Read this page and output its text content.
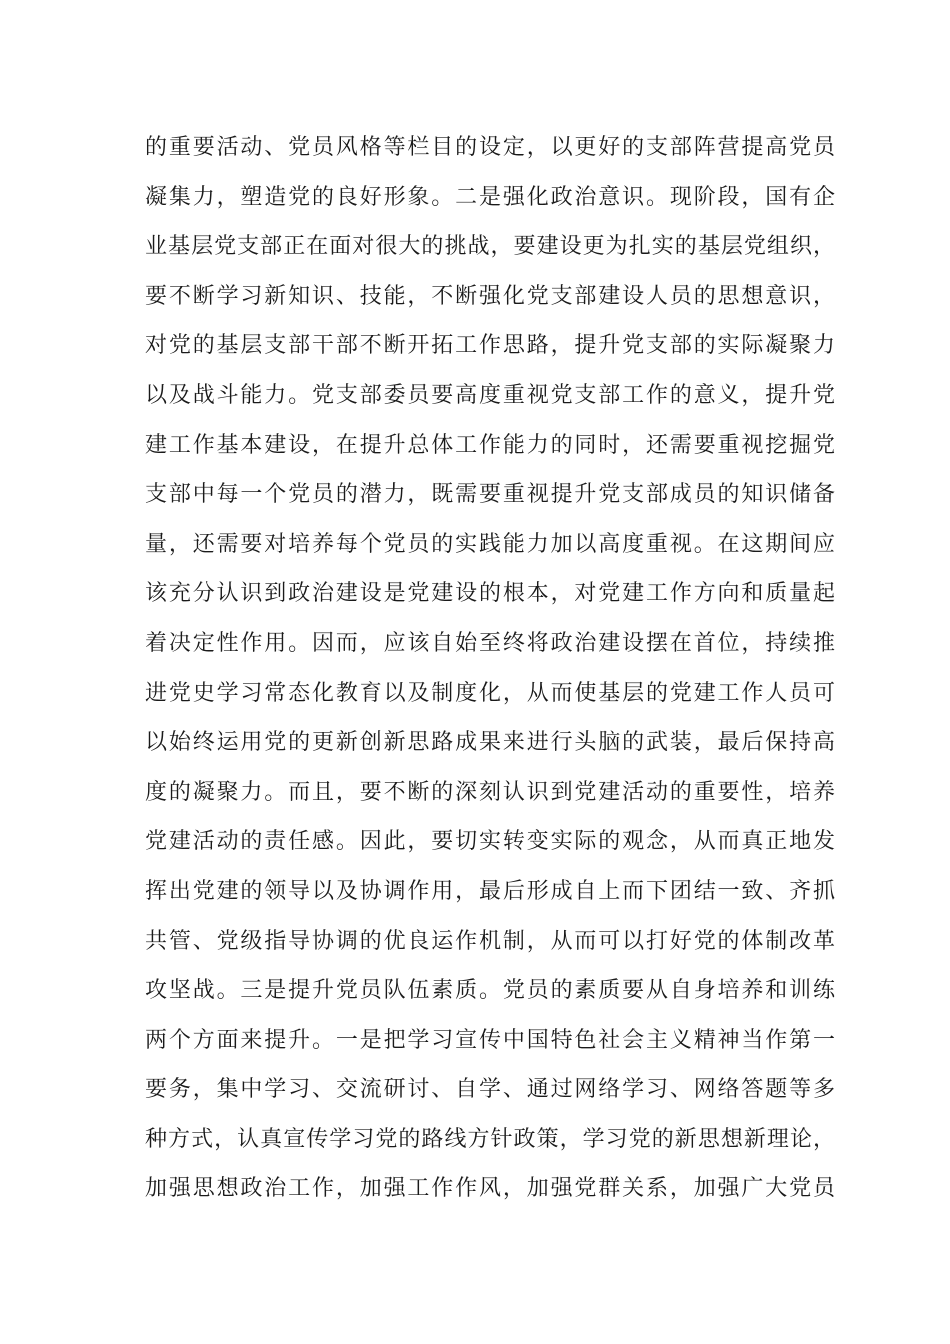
的重要活动、党员风格等栏目的设定，以更好的支部阵营提高党员
凝集力，塑造党的良好形象。二是强化政治意识。现阶段，国有企
业基层党支部正在面对很大的挑战，要建设更为扎实的基层党组织，
要不断学习新知识、技能，不断强化党支部建设人员的思想意识，
对党的基层支部干部不断开拓工作思路，提升党支部的实际凝聚力
以及战斗能力。党支部委员要高度重视党支部工作的意义，提升党
建工作基本建设，在提升总体工作能力的同时，还需要重视挖掘党
支部中每一个党员的潜力，既需要重视提升党支部成员的知识储备
量，还需要对培养每个党员的实践能力加以高度重视。在这期间应
该充分认识到政治建设是党建设的根本，对党建工作方向和质量起
着决定性作用。因而，应该自始至终将政治建设摆在首位，持续推
进党史学习常态化教育以及制度化，从而使基层的党建工作人员可
以始终运用党的更新创新思路成果来进行头脑的武装，最后保持高
度的凝聚力。而且，要不断的深刻认识到党建活动的重要性，培养
党建活动的责任感。因此，要切实转变实际的观念，从而真正地发
挥出党建的领导以及协调作用，最后形成自上而下团结一致、齐抓
共管、党级指导协调的优良运作机制，从而可以打好党的体制改革
攻坚战。三是提升党员队伍素质。党员的素质要从自身培养和训练
两个方面来提升。一是把学习宣传中国特色社会主义精神当作第一
要务，集中学习、交流研讨、自学、通过网络学习、网络答题等多
种方式，认真宣传学习党的路线方针政策，学习党的新思想新理论，
加强思想政治工作，加强工作作风，加强党群关系，加强广大党员
